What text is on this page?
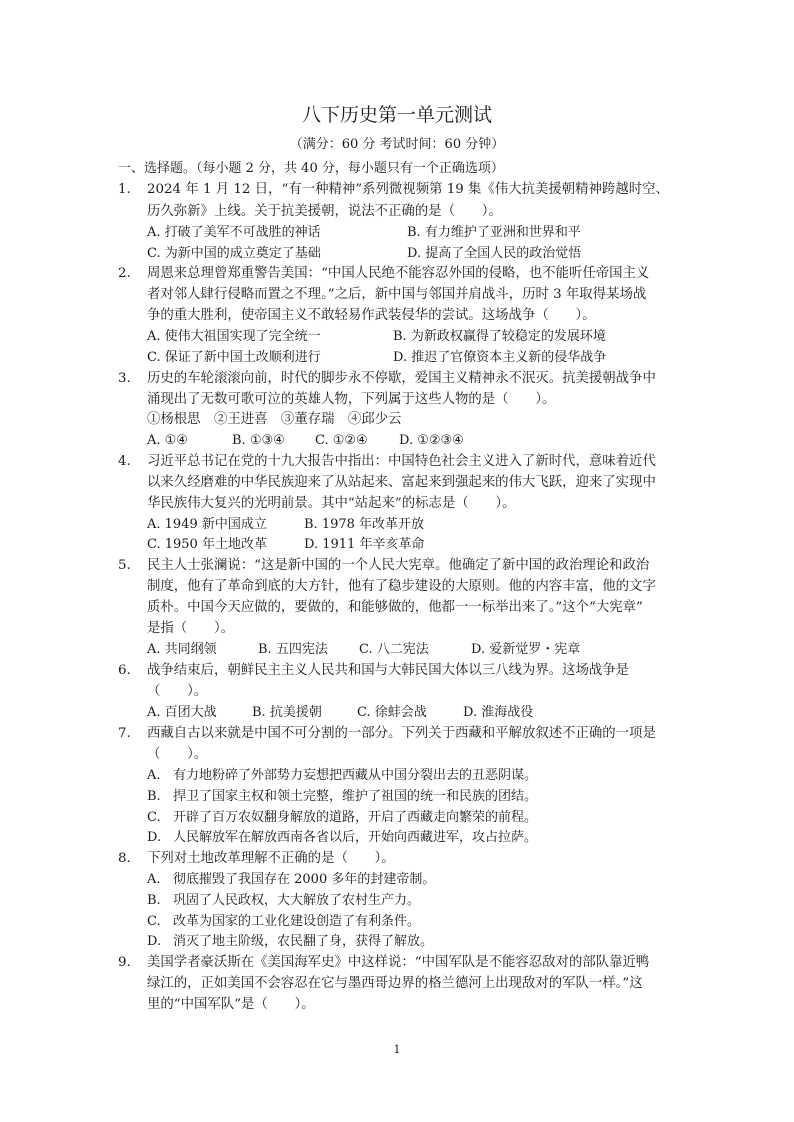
八下历史第一单元测试
（满分：60 分 考试时间：60 分钟）
一、选择题。（每小题 2 分，共 40 分，每小题只有一个正确选项）
1. 2024 年 1 月 12 日，“有一种精神”系列微视频第 19 集《伟大抗美援朝精神跨越时空、
历久弥新》上线。关于抗美援朝，说法不正确的是（　　）。
A. 打破了美军不可战胜的神话	B. 有力维护了亚洲和世界和平
C. 为新中国的成立奠定了基础	D. 提高了全国人民的政治觉悟
2. 周恩来总理曾郑重警告美国：“中国人民绝不能容忍外国的侵略，也不能听任帝国主义
者对邻人肆行侵略而置之不理。”之后，新中国与邻国并肩战斗，历时 3 年取得某场战
争的重大胜利，使帝国主义不敢轻易作武装侵华的尝试。这场战争（　　）。
A. 使伟大祖国实现了完全统一	B. 为新政权赢得了较稳定的发展环境
C. 保证了新中国土改顺利进行	D. 推迟了官僚资本主义新的侵华战争
3. 历史的车轮滚滚向前，时代的脚步永不停歇，爱国主义精神永不泯灭。抗美援朝战争中
涌现出了无数可歌可泣的英雄人物，下列属于这些人物的是（　　）。
①杨根思　②王进喜　③董存瑞　④邱少云
A. ①④	B. ①③④ C. ①②④ D. ①②③④
4. 习近平总书记在党的十九大报告中指出：中国特色社会主义进入了新时代，意味着近代
以来久经磨难的中华民族迎来了从站起来、富起来到强起来的伟大飞跃，迎来了实现中
华民族伟大复兴的光明前景。其中“站起来”的标志是（　　）。
A. 1949 新中国成立	B. 1978 年改革开放
C. 1950 年土地改革	D. 1911 年辛亥革命
5. 民主人士张澜说：“这是新中国的一个人民大宪章。他确定了新中国的政治理论和政治
制度，他有了革命到底的大方针，他有了稳步建设的大原则。他的内容丰富，他的文字
质朴。中国今天应做的，要做的，和能够做的，他都一一标举出来了。”这个“大宪章”
是指（　　）。
A. 共同纲领	B. 五四宪法 C. 八二宪法	D. 爱新觉罗・宪章
6. 战争结束后，朝鲜民主主义人民共和国与大韩民国大体以三八线为界。这场战争是
（　　）。
A. 百团大战	B. 抗美援朝	C. 徐蚌会战	D. 淮海战役
7. 西藏自古以来就是中国不可分割的一部分。下列关于西藏和平解放叙述不正确的一项是
（　　）。
A. 有力地粉碎了外部势力妄想把西藏从中国分裂出去的丑恶阴谋。
B. 捍卫了国家主权和领土完整，维护了祖国的统一和民族的团结。
C. 开辟了百万农奴翻身解放的道路，开启了西藏走向繁荣的前程。
D. 人民解放军在解放西南各省以后，开始向西藏进军，攻占拉萨。
8. 下列对土地改革理解不正确的是（　　）。
A. 彻底摧毁了我国存在 2000 多年的封建帝制。
B. 巩固了人民政权，大大解放了农村生产力。
C. 改革为国家的工业化建设创造了有利条件。
D. 消灭了地主阶级，农民翻了身，获得了解放。
9. 美国学者豪沃斯在《美国海军史》中这样说：“中国军队是不能容忍敌对的部队靠近鸭
绿江的，正如美国不会容忍在它与墨西哥边界的格兰德河上出现敌对的军队一样。”这
里的“中国军队”是（　　）。
1
